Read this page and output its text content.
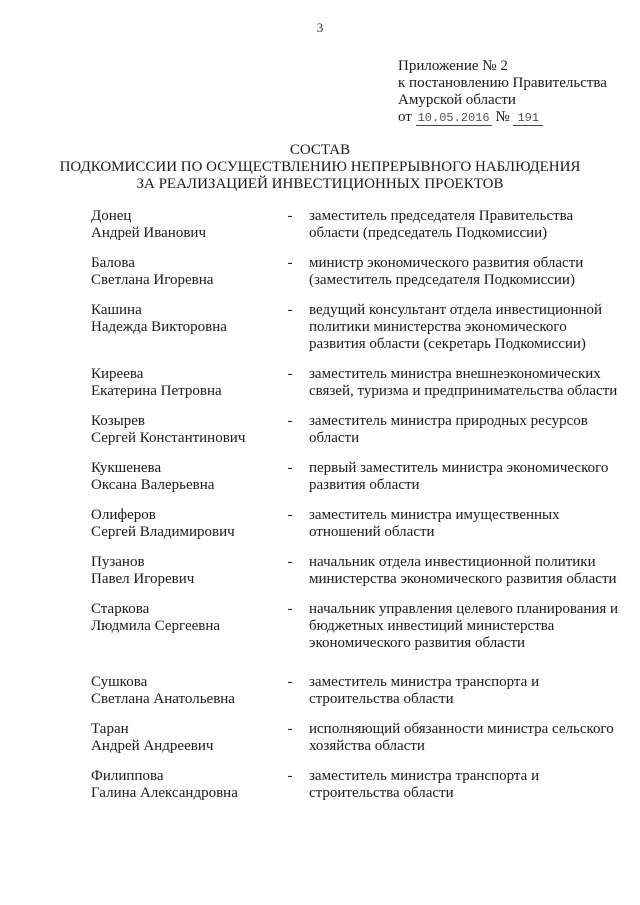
3
Приложение № 2
к постановлению Правительства
Амурской области
от 10.05.2016 № 191
СОСТАВ
ПОДКОМИССИИ ПО ОСУЩЕСТВЛЕНИЮ НЕПРЕРЫВНОГО НАБЛЮДЕНИЯ
ЗА РЕАЛИЗАЦИЕЙ ИНВЕСТИЦИОННЫХ ПРОЕКТОВ
Донец
Андрей Иванович
-	заместитель председателя Правительства
области (председатель Подкомиссии)
Балова
Светлана Игоревна
-	министр экономического развития области
(заместитель председателя Подкомиссии)
Кашина
Надежда Викторовна
-	ведущий консультант отдела инвестиционной
политики министерства экономического
развития области (секретарь Подкомиссии)
Киреева
Екатерина Петровна
-	заместитель министра внешнеэкономических
связей, туризма и предпринимательства области
Козырев
Сергей Константинович
-	заместитель министра природных ресурсов
области
Кукшенева
Оксана Валерьевна
-	первый заместитель министра экономического
развития области
Олиферов
Сергей Владимирович
-	заместитель министра имущественных
отношений области
Пузанов
Павел Игоревич
-	начальник отдела инвестиционной политики
министерства экономического развития области
Старкова
Людмила Сергеевна
-	начальник управления целевого планирования и
бюджетных инвестиций министерства
экономического развития области
Сушкова
Светлана Анатольевна
-	заместитель министра транспорта и
строительства области
Таран
Андрей Андреевич
-	исполняющий обязанности министра сельского
хозяйства области
Филиппова
Галина Александровна
-	заместитель министра транспорта и
строительства области
